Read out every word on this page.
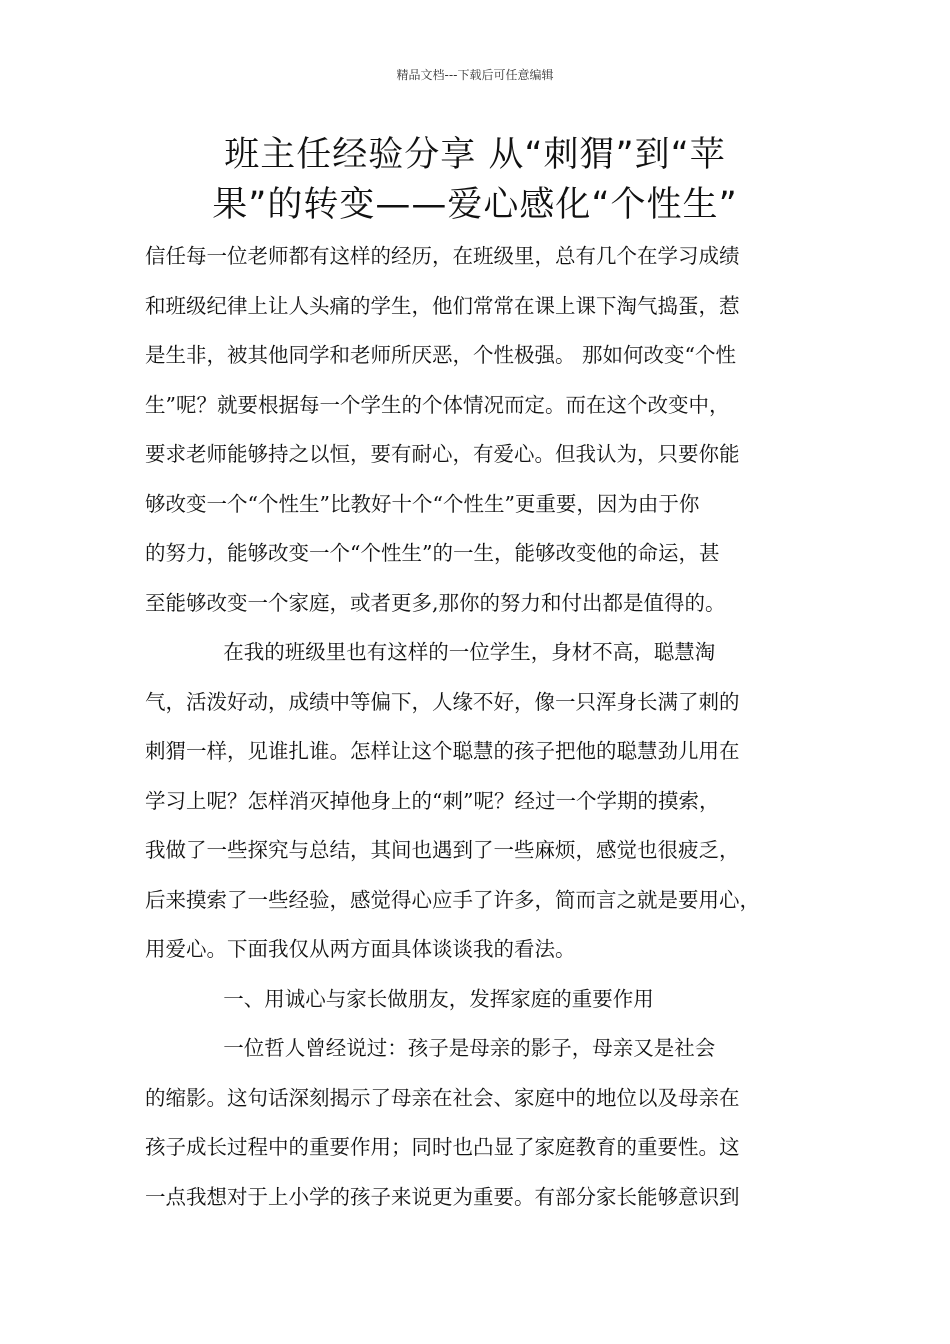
精品文档---下载后可任意编辑
班主任经验分享 从“刺猬”到“苹
果”的转变——爱心感化“个性生”
信任每一位老师都有这样的经历，在班级里，总有几个在学习成绩
和班级纪律上让人头痛的学生，他们常常在课上课下淘气捣蛋，惹
是生非，被其他同学和老师所厌恶，个性极强。 那如何改变“个性
生”呢？就要根据每一个学生的个体情况而定。而在这个改变中，
要求老师能够持之以恒，要有耐心，有爱心。但我认为，只要你能
够改变一个“个性生”比教好十个“个性生”更重要，因为由于你
的努力，能够改变一个“个性生”的一生，能够改变他的命运，甚
至能够改变一个家庭，或者更多,那你的努力和付出都是值得的。
在我的班级里也有这样的一位学生，身材不高，聪慧淘
气，活泼好动，成绩中等偏下，人缘不好，像一只浑身长满了刺的
刺猬一样，见谁扎谁。怎样让这个聪慧的孩子把他的聪慧劲儿用在
学习上呢？怎样消灭掉他身上的“刺”呢？经过一个学期的摸索，
我做了一些探究与总结，其间也遇到了一些麻烦，感觉也很疲乏，
后来摸索了一些经验，感觉得心应手了许多，简而言之就是要用心，
用爱心。下面我仅从两方面具体谈谈我的看法。
一、用诚心与家长做朋友，发挥家庭的重要作用
一位哲人曾经说过：孩子是母亲的影子，母亲又是社会
的缩影。这句话深刻揭示了母亲在社会、家庭中的地位以及母亲在
孩子成长过程中的重要作用；同时也凸显了家庭教育的重要性。这
一点我想对于上小学的孩子来说更为重要。有部分家长能够意识到
